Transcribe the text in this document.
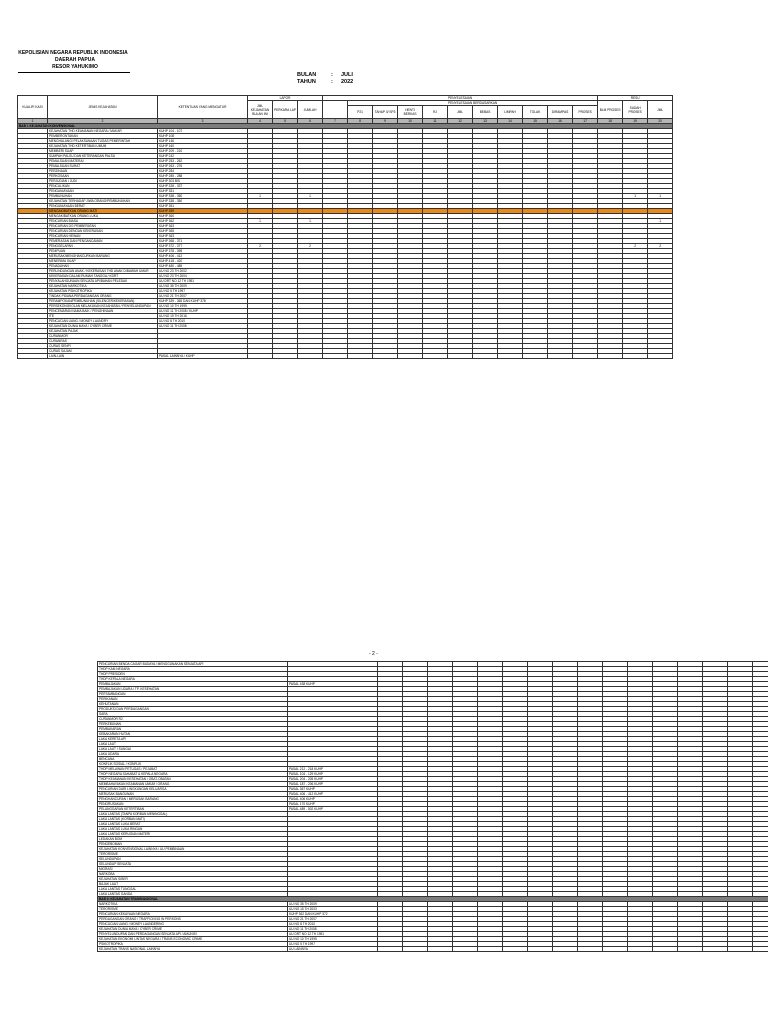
KEPOLISIAN NEGARA REPUBLIK INDONESIA
DAERAH PAPUA
RESOR YAHUKIMO
BULAN	:	JULI
TAHUN	:	2022
KUALIFI KASI	JENIS KEJAHATAN	KETENTUAN YANG MENGATUR	LAPOR			PENYELESAIAN											RESU		
			JML KEJAHATAN BULAN INI	PERKARA LAP	JUMLAH		PENYELESAIAN BERDASARKAN										BLM PROSES	SUDAH PROSES	JML
							P21	TAHAP II/ SP3	HENTI BERKAS	RJ	JML	BEBAS	LIMPAH	TOLAK	DIRAMPAS	PROSES			
1	2	3	4	5	6	7	8	9	10	11	12	13	14	15	16	17	18	19	20
BAB I. KEJAHATAN KONVENSIONAL																			
	KEJAHATAN THD KEAMANAN NEGARA / MAKAR	KUHP 104 - 107																	
	PEMBERONTAKAN	KUHP 108																	
	MENGHALANGI PELAKSANAAN TUGAS PEMERINTAH	KUHP 146																	
	KEJAHATAN THD KETERTIBAN UMUM	KUHP 160																	
	MEMBERI SUAP	KUHP 209 - 210																	
	SUMPAH PALSU DAN KETERANGAN PALSU	KUHP 242																	
	PEMALSUAN MATERAI	KUHP 253 - 262																	
	PEMALSUAN SURAT	KUHP 263 - 276																	
	PERZINAAN	KUHP 284																	
	PERKOSAAN	KUHP 285 - 288																	
	PERJUDIAN / JUDI	KUHP 303 BIS																	
	PENCULIKAN	KUHP 328 - 337																	
	PENGANIAYAAN	KUHP 351																	
	PEMBUNUHAN	KUHP 338 - 350	1		1													1	1
	KEJAHATAN TERHADAP JIWA ORANG/PEMBUNUHAN	KUHP 338 - 350																	
	PENGANIAYAAN BERAT	KUHP 351																	
	MENGAKIBATKAN ORANG MATI	KUHP 359																	
	MENGAKIBATKAN ORANG LUKA	KUHP 360																	
	PENCURIAN BIASA	KUHP 362	1		1														1
	PENCURIAN DG PEMBERATAN	KUHP 363																	
	PENCURIAN DENGAN KEKERASAN	KUHP 365																	
	PENCURIAN HEWAN	KUHP 363																	
	PEMERASAN DAN PENGANCAMAN	KUHP 368 - 371																	
	PENGGELAPAN	KUHP 372 - 377	2		2													2	2
	PENIPUAN	KUHP 378 - 395																	
	MERUSAK/MENGHANCURKAN BARANG	KUHP 406 - 412																	
	MENERIMA SUAP	KUHP 418 - 420																	
	PENADAHAN	KUHP 480 - 485																	
	PERLINDUNGAN ANAK / KEKERASAN THD ANAK DIBAWAH UMUR	UU NO 23 TH 2002																	
	KEKERASAN DALAM RUMAH TANGGA / KDRT	UU NO 23 TH 2004																	
	PENYALAHGUNAAN SENJATA API/BAHAN PELEDAK	UU DRT NO 12 TH 1951																	
	KEJAHATAN NARKOTIKA	UU NO 35 TH 2009																	
	KEJAHATAN PSIKOTROPIKA	UU NO 5 TH 1997																	
	TINDAK PIDANA PERDAGANGAN ORANG	UU NO 21 TH 2007																	
	PERAMPOKAN/PEMBUNUHAN (SILENCER/KEKERASAN)	KUHP 339 - 365 DAN KUHP 378																	
	PERSEKONGKOLAN MELAKUKAN KEJAHATAN / PENYELUNDUPAN	UU NO 10 TH 1995																	
	PENCEMARAN NAMA BAIK / PENGHINAAN	UU NO 11 TH 2008 / KUHP																	
	ITE	UU NO 19 TH 2016																	
	PENCUCIAN UANG / MONEY LAUNDRY	UU NO 8 TH 2010																	
	KEJAHATAN DUNIA MAYA / CYBER CRIME	UU NO 11 TH 2008																	
	KEJAHATAN PAJAK																		
	CURANMOR																		
	CURANRAS																		
	CURAS SENPI																		
	CURAS SAJAM																		
	LAIN-LAIN	PASAL LAINNYA / KUHP																	
- 2 -
PENCURIAN BENDA CAGAR BUDAYA / MENGGUNAKAN SENJATA API																		
THDP KAM NEGARA																		
THDP PRESIDEN																		
THDP KEPALA NEGARA																		
PEMBAJAKAN	PASAL 438 KUHP																	
PEMBAJAKAN UDARA / TP. KESEHATAN																		
PERTAMBANGAN																		
PERIKANAN																		
KEHUTANAN																		
PRODUKSI DAN PERDAGANGAN																		
SARA																		
CURANMOR R2																		
PERKEBUNAN																		
PEMBAKARAN																		
KEBAKARAN HUTAN																		
LAKA KERETA API																		
LAKA LAUT																		
LAKA LAUT / SUNGAI																		
LAKA UDARA																		
BENCANA																		
KONFLIK SOSIAL / KONFLIK																		
THDP MELAWAN PETUGAS / PEJABAT	PASAL 212 - 218 KUHP																	
THDP NEGARA SAHABAT & KEPALA NEGARA	PASAL 104 - 129 KUHP																	
THDP KEAMANAN KESEHATAN / OBAT-OBATAN	PASAL 204 - 205 KUHP																	
MEMBAHAYAKAN KEAMANAN UMUM / ORANG	PASAL 187 - 206 KUHP																	
PENCURIAN DARI LINGKUNGAN KELUARGA	PASAL 367 KUHP																	
MERUSAK BANGUNAN	PASAL 406 - 412 KUHP																	
PENGHANCURAN / MERUSAK BARANG	PASAL 406 KUHP																	
PENGRUSAKAN	PASAL 170 KUHP																	
PELANGGARAN KETERTIBAN	PASAL 489 - 502 KUHP																	
LAKA LANTAS (TANPA KORBAN MENINGGAL)																		
LAKA LANTAS (KORBAN MATI)																		
LAKA LANTAS LUKA BERAT																		
LAKA LANTAS LUKA RINGAN																		
LAKA LANTAS KERUGIAN MATERI																		
LEDAKAN BOM																		
PENGEBOMAN																		
KEJAHATAN KONVENSIONAL LAINNYA / UU PEMBINAAN																		
TERORISME																		
SELUNDUPAN																		
SELUNDUP SENJATA																		
MIGRASI																		
NARKOBA																		
KEJAHATAN SIBER																		
BAJAK LAUT																		
LAKA LANTAS TUNGGAL																		
LAKA LANTAS GANDA																		
BAB II. KEJAHATAN TRANSNASIONAL																		
NARKOTIKA	UU NO 35 TH 2009																	
TERORISME	UU NO 15 TH 2003																	
PENCURIAN KEKAYAAN NEGARA	KUHP 362 DAN KUHP 372																	
PERDAGANGAN ORANG / TRAFFICKING IN PERSONS	UU NO 21 TH 2007																	
PENCUCIAN UANG / MONEY LAUNDERING	UU NO 8 TH 2010																	
KEJAHATAN DUNIA MAYA / CYBER CRIME	UU NO 11 TH 2008																	
PENYELUNDUPAN DAN PERDAGANGAN SENJATA API / AMUNISI	UU DRT NO 12 TH 1951																	
KEJAHATAN EKONOMI LINTAS NEGARA / TRANS ECONOMIC CRIME	UU NO 10 TH 1995																	
PSIKOTROPIKA	UU NO 5 TH 1997																	
KEJAHATAN TRANS NASIONAL LAINNYA	UU LAINNYA																	
